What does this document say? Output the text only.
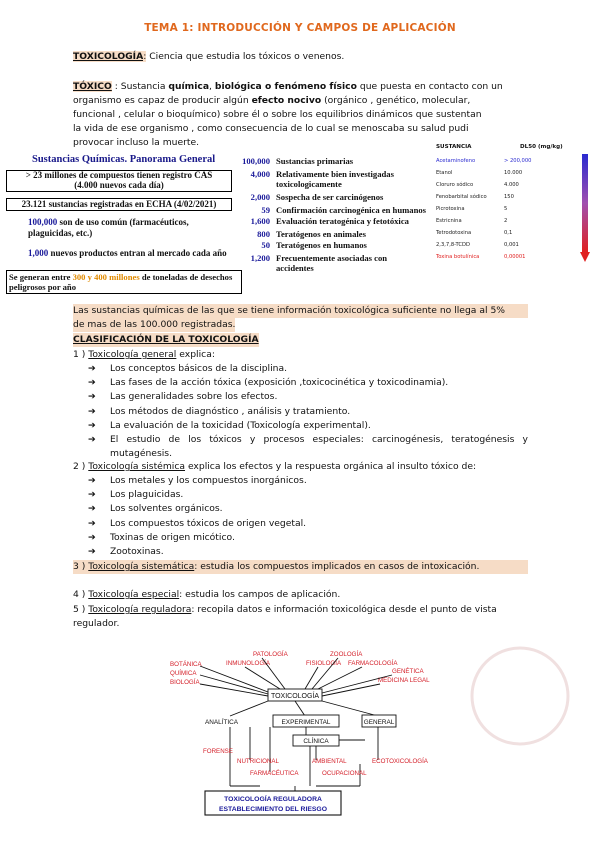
TEMA 1: INTRODUCCIÓN Y CAMPOS DE APLICACIÓN
TOXICOLOGÍA: Ciencia que estudia los tóxicos o venenos.
TÓXICO : Sustancia química, biológica o fenómeno físico que puesta en contacto con un
organismo es capaz de producir algún efecto nocivo (orgánico , genético, molecular,
funcional , celular o bioquímico) sobre él o sobre los equilibrios dinámicos que sustentan
la vida de ese organismo , como consecuencia de lo cual se menoscaba su salud pudi
provocar incluso la muerte.
Sustancias Químicas. Panorama General
> 23 millones de compuestos tienen registro CAS
(4.000 nuevos cada día)
23.121 sustancias registradas en ECHA (4/02/2021)
100,000 son de uso común (farmacéuticos, plaguicidas, etc.)
1,000 nuevos productos entran al mercado cada año
Se generan entre 300 y 400 millones de toneladas de desechos peligrosos por año
100,000 Sustancias primarias
4,000 Relativamente bien investigadas toxicologicamente
2,000 Sospecha de ser carcinógenos
59 Confirmación carcinogénica en humanos
1,600 Evaluación teratogénica y fetotóxica
800 Teratógenos en animales
50 Teratógenos en humanos
1,200 Frecuentemente asociadas con accidentes
SUSTANCIA	DL50 (mg/kg)
Acetaminofeno	> 200,000
Etanol	10.000
Cloruro sódico	4.000
Fenobarbital sódico	150
Picrotoxina	5
Estricnina	2
Tetrodotoxina	0,1
2,3,7,8-TCDD	0,001
Toxina botulínica	0,00001
Las sustancias químicas de las que se tiene información toxicológica suficiente no llega al 5%
de mas de las 100.000 registradas.
CLASIFICACIÓN DE LA TOXICOLOGÍA
1 ) Toxicología general explica:
➔ Los conceptos básicos de la disciplina.
➔ Las fases de la acción tóxica (exposición ,toxicocinética y toxicodinamia).
➔ Las generalidades sobre los efectos.
➔ Los métodos de diagnóstico , análisis y tratamiento.
➔ La evaluación de la toxicidad (Toxicología experimental).
➔ El estudio de los tóxicos y procesos especiales: carcinogénesis, teratogénesis y
mutagénesis.
2 ) Toxicología sistémica explica los efectos y la respuesta orgánica al insulto tóxico de:
➔ Los metales y los compuestos inorgánicos.
➔ Los plaguicidas.
➔ Los solventes orgánicos.
➔ Los compuestos tóxicos de origen vegetal.
➔ Toxinas de origen micótico.
➔ Zootoxinas.
3 ) Toxicología sistemática: estudia los compuestos implicados en casos de intoxicación.
4 ) Toxicología especial: estudia los campos de aplicación.
5 ) Toxicología reguladora: recopila datos e información toxicológica desde el punto de vista
regulador.
BOTÁNICA
QUÍMICA
BIOLOGÍA
PATOLOGÍA
INMUNOLOGÍA
ZOOLOGÍA
FISIOLOGÍA FARMACOLOGÍA
GENÉTICA
MEDICINA LEGAL
TOXICOLOGÍA
ANALÍTICA	EXPERIMENTAL	GENERAL
CLÍNICA
FORENSE
NUTRICIONAL
FARMACÉUTICA
AMBIENTAL	ECOTOXICOLOGÍA
OCUPACIONAL
TOXICOLOGÍA REGULADORA
ESTABLECIMIENTO DEL RIESGO
